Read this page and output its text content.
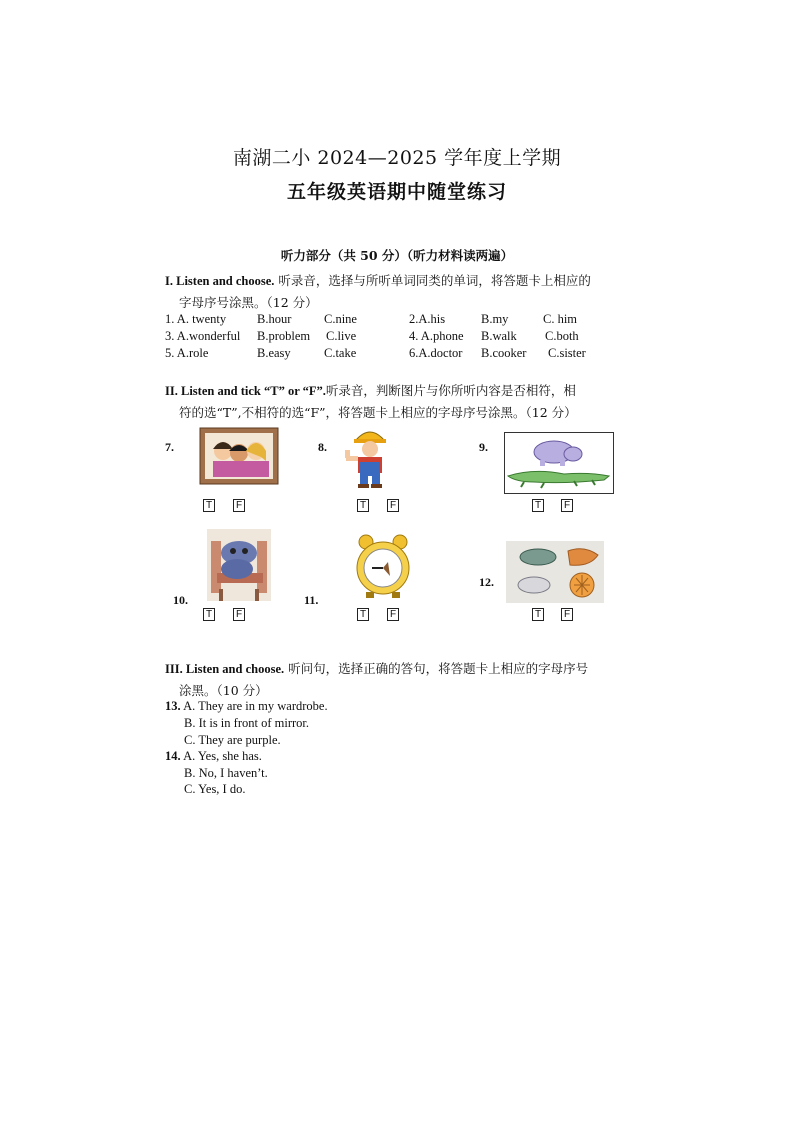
南湖二小 2024—2025 学年度上学期
五年级英语期中随堂练习
听力部分（共 50 分）（听力材料读两遍）
I. Listen and choose. 听录音，选择与所听单词同类的单词，将答题卡上相应的
字母序号涂黑。（12 分）
1. A. twenty B.hour	C.nine	2.A.his	B.my	C. him
3. A.wonderful B.problem C.live	4. A.phone B.walk C.both
5. A.role	B.easy	C.take	6.A.doctor B.cooker C.sister
II. Listen and tick “T” or “F”.听录音，判断图片与你所听内容是否相符，相
符的选“T”,不相符的选“F”，将答题卡上相应的字母序号涂黑。（12 分）
7.
T F
8.
T F
9.
T F
10.
T F
11.
T F
12.
T F
III. Listen and choose. 听问句，选择正确的答句，将答题卡上相应的字母序号
涂黑。（10 分）
13. A. They are in my wardrobe.
B. It is in front of mirror.
C. They are purple.
14. A. Yes, she has.
B. No, I haven’t.
C. Yes, I do.
